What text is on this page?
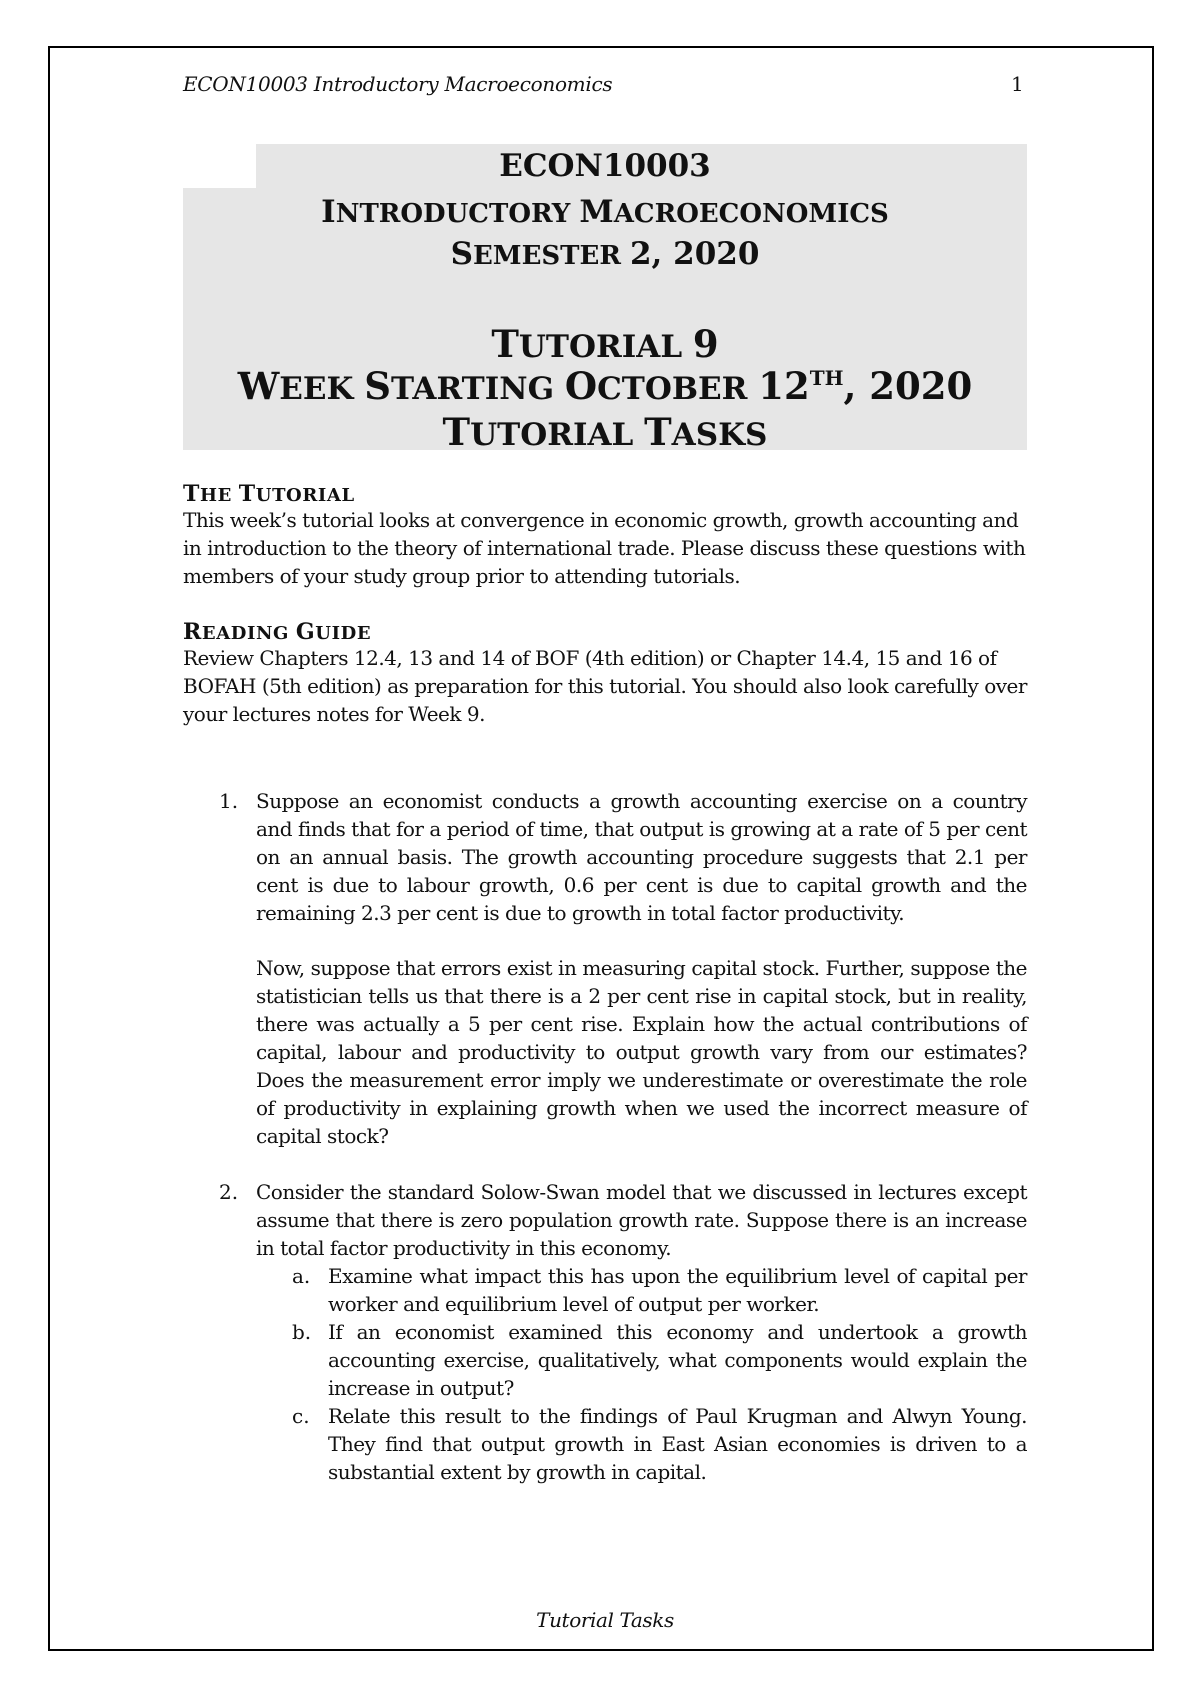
ECON10003 Introductory Macroeconomics	1
ECON10003
INTRODUCTORY MACROECONOMICS
SEMESTER 2, 2020
TUTORIAL 9
WEEK STARTING OCTOBER 12TH, 2020
TUTORIAL TASKS
THE TUTORIAL

This week’s tutorial looks at convergence in economic growth, growth accounting and in introduction to the theory of international trade. Please discuss these questions with members of your study group prior to attending tutorials.

READING GUIDE

Review Chapters 12.4, 13 and 14 of BOF (4th edition) or Chapter 14.4, 15 and 16 of BOFAH (5th edition) as preparation for this tutorial. You should also look carefully over your lectures notes for Week 9.

1. Suppose an economist conducts a growth accounting exercise on a country and finds that for a period of time, that output is growing at a rate of 5 per cent on an annual basis. The growth accounting procedure suggests that 2.1 per cent is due to labour growth, 0.6 per cent is due to capital growth and the remaining 2.3 per cent is due to growth in total factor productivity.
Now, suppose that errors exist in measuring capital stock. Further, suppose the statistician tells us that there is a 2 per cent rise in capital stock, but in reality, there was actually a 5 per cent rise. Explain how the actual contributions of capital, labour and productivity to output growth vary from our estimates? Does the measurement error imply we underestimate or overestimate the role of productivity in explaining growth when we used the incorrect measure of capital stock?
2. Consider the standard Solow-Swan model that we discussed in lectures except assume that there is zero population growth rate. Suppose there is an increase in total factor productivity in this economy.
a. Examine what impact this has upon the equilibrium level of capital per worker and equilibrium level of output per worker.
b. If an economist examined this economy and undertook a growth accounting exercise, qualitatively, what components would explain the increase in output?
c. Relate this result to the findings of Paul Krugman and Alwyn Young. They find that output growth in East Asian economies is driven to a substantial extent by growth in capital.
Tutorial Tasks
